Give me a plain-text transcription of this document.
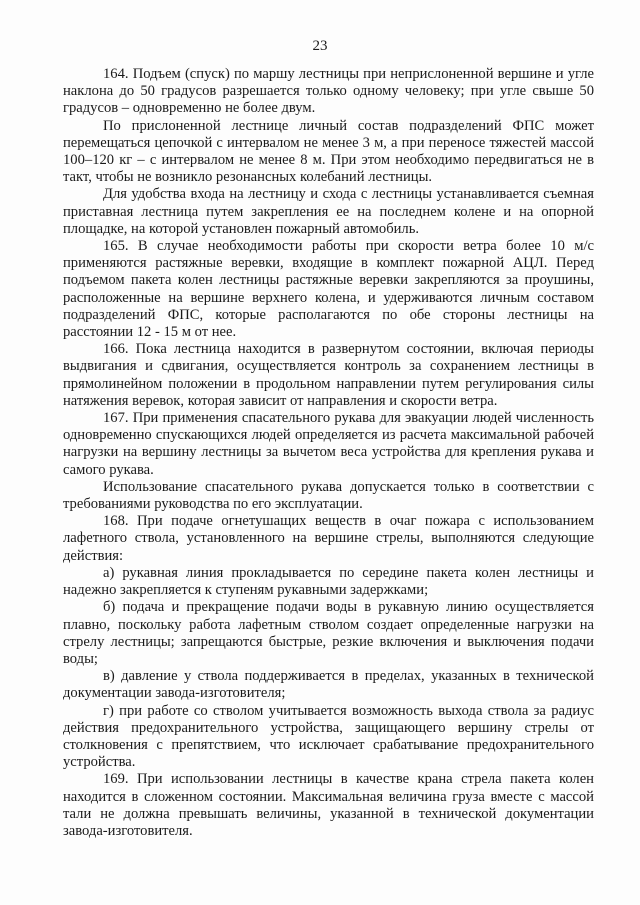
23

164. Подъем (спуск) по маршу лестницы при неприслоненной вершине и угле наклона до 50 градусов разрешается только одному человеку; при угле свыше 50 градусов – одновременно не более двум.

По прислоненной лестнице личный состав подразделений ФПС может перемещаться цепочкой с интервалом не менее 3 м, а при переносе тяжестей массой 100–120 кг – с интервалом не менее 8 м. При этом необходимо передвигаться не в такт, чтобы не возникло резонансных колебаний лестницы.

Для удобства входа на лестницу и схода с лестницы устанавливается съемная приставная лестница путем закрепления ее на последнем колене и на опорной площадке, на которой установлен пожарный автомобиль.

165. В случае необходимости работы при скорости ветра более 10 м/с применяются растяжные веревки, входящие в комплект пожарной АЦЛ. Перед подъемом пакета колен лестницы растяжные веревки закрепляются за проушины, расположенные на вершине верхнего колена, и удерживаются личным составом подразделений ФПС, которые располагаются по обе стороны лестницы на расстоянии 12 - 15 м от нее.

166. Пока лестница находится в развернутом состоянии, включая периоды выдвигания и сдвигания, осуществляется контроль за сохранением лестницы в прямолинейном положении в продольном направлении путем регулирования силы натяжения веревок, которая зависит от направления и скорости ветра.

167. При применения спасательного рукава для эвакуации людей численность одновременно спускающихся людей определяется из расчета максимальной рабочей нагрузки на вершину лестницы за вычетом веса устройства для крепления рукава и самого рукава.

Использование спасательного рукава допускается только в соответствии с требованиями руководства по его эксплуатации.

168. При подаче огнетушащих веществ в очаг пожара с использованием лафетного ствола, установленного на вершине стрелы, выполняются следующие действия:

а) рукавная линия прокладывается по середине пакета колен лестницы и надежно закрепляется к ступеням рукавными задержками;

б) подача и прекращение подачи воды в рукавную линию осуществляется плавно, поскольку работа лафетным стволом создает определенные нагрузки на стрелу лестницы; запрещаются быстрые, резкие включения и выключения подачи воды;

в) давление у ствола поддерживается в пределах, указанных в технической документации завода-изготовителя;

г) при работе со стволом учитывается возможность выхода ствола за радиус действия предохранительного устройства, защищающего вершину стрелы от столкновения с препятствием, что исключает срабатывание предохранительного устройства.

169. При использовании лестницы в качестве крана стрела пакета колен находится в сложенном состоянии. Максимальная величина груза вместе с массой тали не должна превышать величины, указанной в технической документации завода-изготовителя.
